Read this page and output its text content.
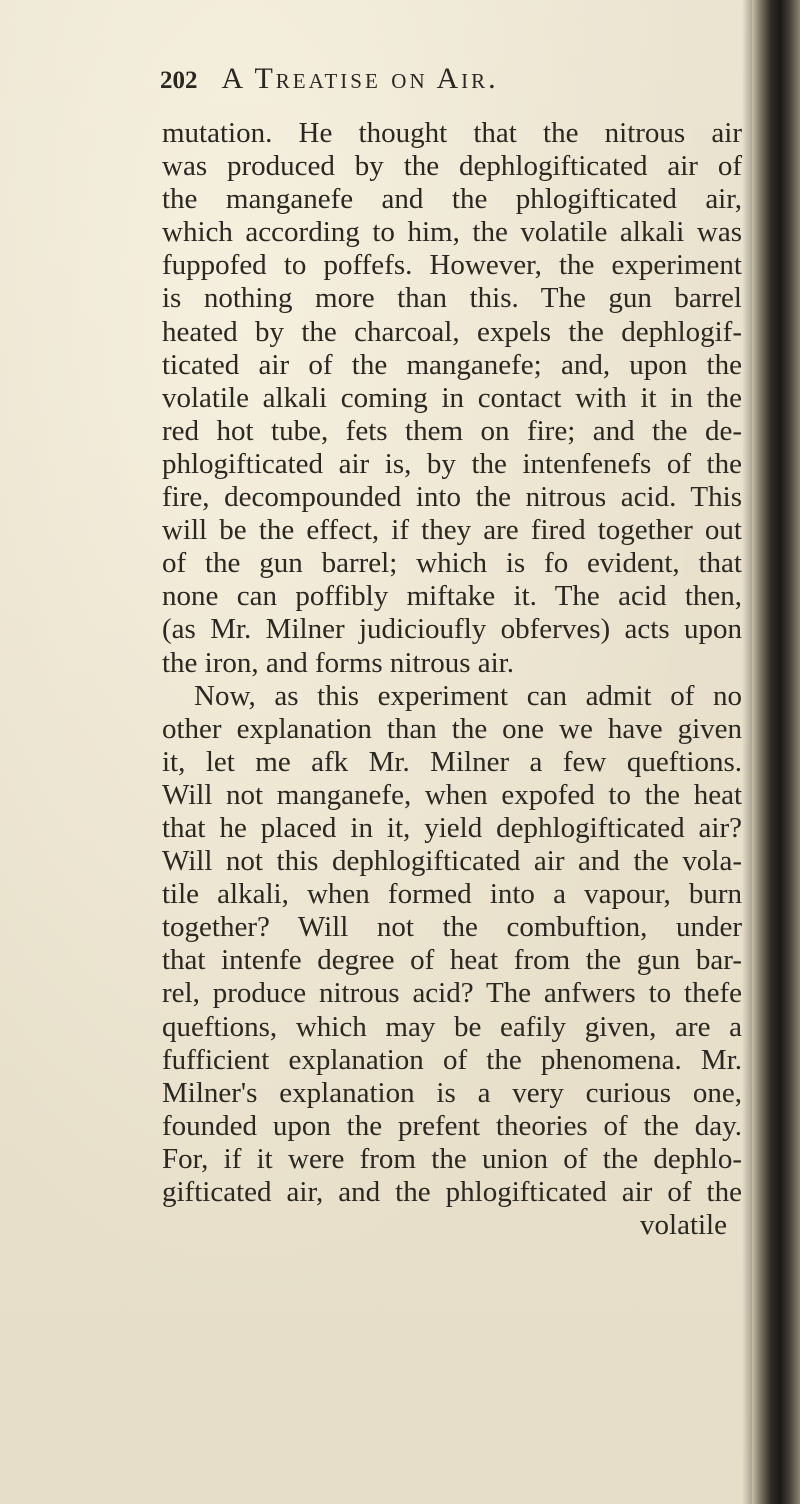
202 A Treatise on Air.
mutation. He thought that the nitrous air
was produced by the dephlogifticated air of
the manganefe and the phlogifticated air,
which according to him, the volatile alkali was
fuppofed to poffefs. However, the experiment
is nothing more than this. The gun barrel
heated by the charcoal, expels the dephlogif-
ticated air of the manganefe; and, upon the
volatile alkali coming in contact with it in the
red hot tube, fets them on fire; and the de-
phlogifticated air is, by the intenfenefs of the
fire, decompounded into the nitrous acid. This
will be the effect, if they are fired together out
of the gun barrel; which is fo evident, that
none can poffibly miftake it. The acid then,
(as Mr. Milner judicioufly obferves) acts upon
the iron, and forms nitrous air.
Now, as this experiment can admit of no
other explanation than the one we have given
it, let me afk Mr. Milner a few queftions.
Will not manganefe, when expofed to the heat
that he placed in it, yield dephlogifticated air?
Will not this dephlogifticated air and the vola-
tile alkali, when formed into a vapour, burn
together? Will not the combuftion, under
that intenfe degree of heat from the gun bar-
rel, produce nitrous acid? The anfwers to thefe
queftions, which may be eafily given, are a
fufficient explanation of the phenomena. Mr.
Milner's explanation is a very curious one,
founded upon the prefent theories of the day.
For, if it were from the union of the dephlo-
gifticated air, and the phlogifticated air of the
volatile
